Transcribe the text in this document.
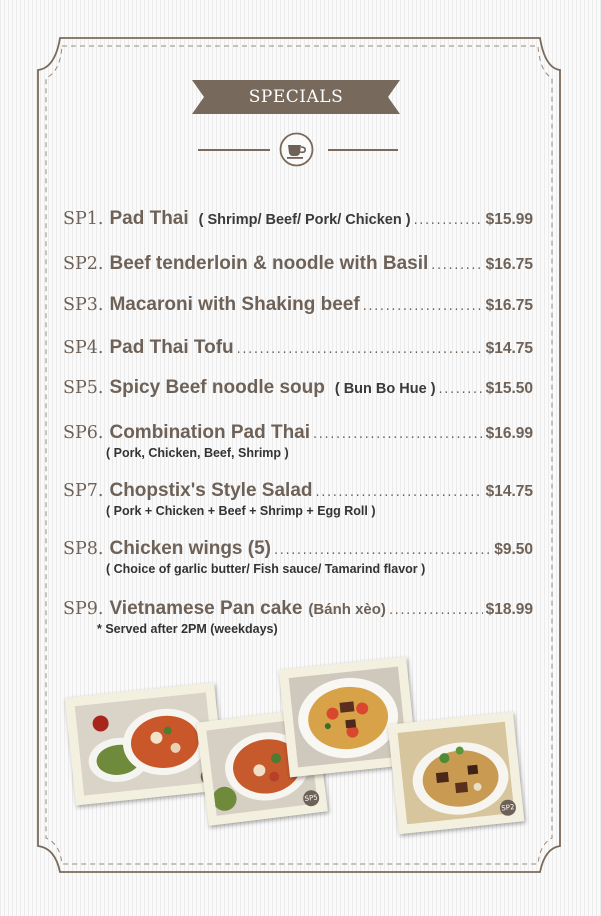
SPECIALS
SP1. Pad Thai ( Shrimp/ Beef/ Pork/ Chicken ) .....	$15.99
SP2. Beef tenderloin & noodle with Basil .....	$16.75
SP3. Macaroni with Shaking beef .....	$16.75
SP4. Pad Thai Tofu .....	$14.75
SP5. Spicy Beef noodle soup ( Bun Bo Hue ) .....	$15.50
SP6. Combination Pad Thai .....	$16.99
( Pork, Chicken, Beef, Shrimp )
SP7. Chopstix's Style Salad .....	$14.75
( Pork + Chicken + Beef + Shrimp + Egg Roll )
SP8. Chicken wings (5) .....	$9.50
( Choice of garlic butter/ Fish sauce/ Tamarind flavor )
SP9. Vietnamese Pan cake (Bánh xèo) .....	$18.99
* Served after 2PM (weekdays)
SP5
SP2
